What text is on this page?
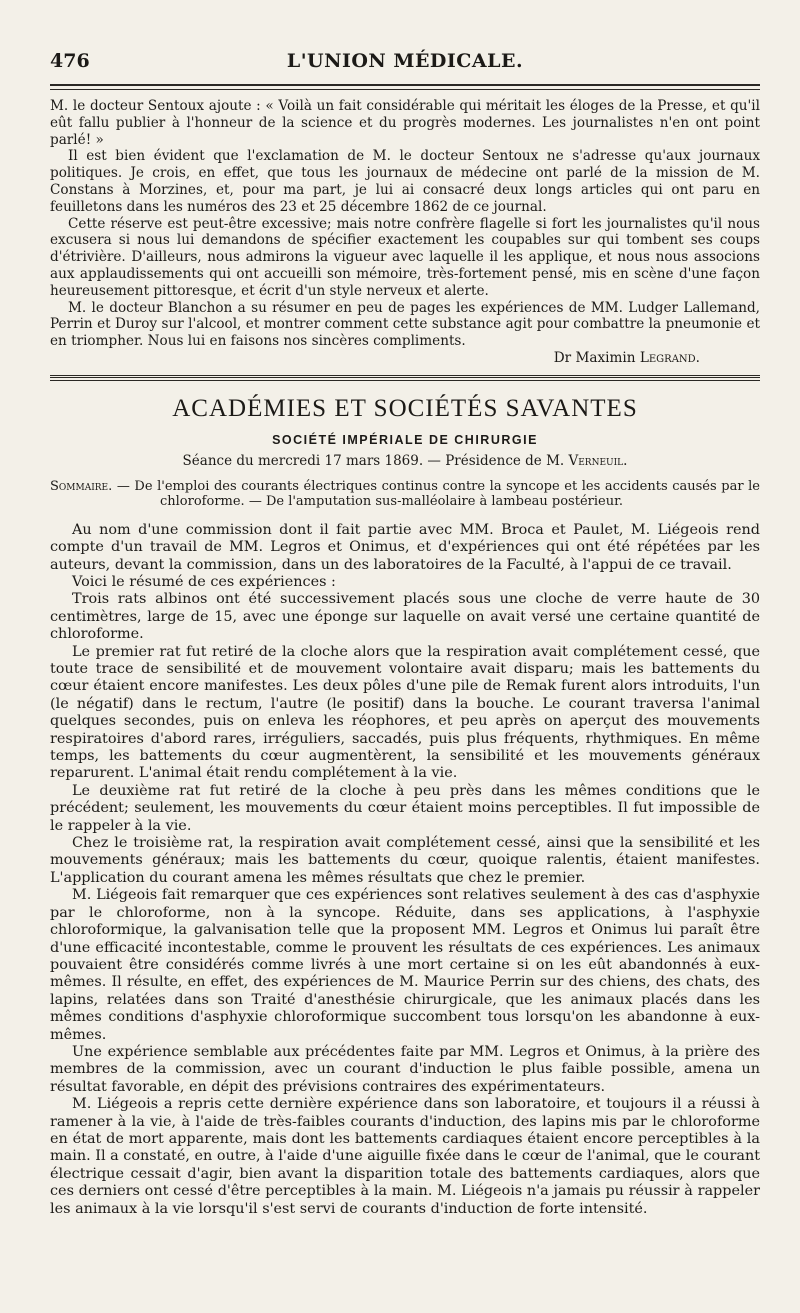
476	L'UNION MÉDICALE.

M. le docteur Sentoux ajoute : « Voilà un fait considérable qui méritait les éloges de la Presse, et qu'il eût fallu publier à l'honneur de la science et du progrès modernes. Les journalistes n'en ont point parlé! »

Il est bien évident que l'exclamation de M. le docteur Sentoux ne s'adresse qu'aux journaux politiques. Je crois, en effet, que tous les journaux de médecine ont parlé de la mission de M. Constans à Morzines, et, pour ma part, je lui ai consacré deux longs articles qui ont paru en feuilletons dans les numéros des 23 et 25 décembre 1862 de ce journal.

Cette réserve est peut-être excessive; mais notre confrère flagelle si fort les journalistes qu'il nous excusera si nous lui demandons de spécifier exactement les coupables sur qui tombent ses coups d'étrivière. D'ailleurs, nous admirons la vigueur avec laquelle il les applique, et nous nous associons aux applaudissements qui ont accueilli son mémoire, très-fortement pensé, mis en scène d'une façon heureusement pittoresque, et écrit d'un style nerveux et alerte.

M. le docteur Blanchon a su résumer en peu de pages les expériences de MM. Ludger Lallemand, Perrin et Duroy sur l'alcool, et montrer comment cette substance agit pour combattre la pneumonie et en triompher. Nous lui en faisons nos sincères compliments.

Dr Maximin Legrand.
ACADÉMIES ET SOCIÉTÉS SAVANTES
SOCIÉTÉ IMPÉRIALE DE CHIRURGIE
Séance du mercredi 17 mars 1869. — Présidence de M. Verneuil.

Sommaire. — De l'emploi des courants électriques continus contre la syncope et les accidents causés par le chloroforme. — De l'amputation sus-malléolaire à lambeau postérieur.

Au nom d'une commission dont il fait partie avec MM. Broca et Paulet, M. Liégeois rend compte d'un travail de MM. Legros et Onimus, et d'expériences qui ont été répétées par les auteurs, devant la commission, dans un des laboratoires de la Faculté, à l'appui de ce travail.

Voici le résumé de ces expériences :

Trois rats albinos ont été successivement placés sous une cloche de verre haute de 30 centimètres, large de 15, avec une éponge sur laquelle on avait versé une certaine quantité de chloroforme.

Le premier rat fut retiré de la cloche alors que la respiration avait complétement cessé, que toute trace de sensibilité et de mouvement volontaire avait disparu; mais les battements du cœur étaient encore manifestes. Les deux pôles d'une pile de Remak furent alors introduits, l'un (le négatif) dans le rectum, l'autre (le positif) dans la bouche. Le courant traversa l'animal quelques secondes, puis on enleva les réophores, et peu après on aperçut des mouvements respiratoires d'abord rares, irréguliers, saccadés, puis plus fréquents, rhythmiques. En même temps, les battements du cœur augmentèrent, la sensibilité et les mouvements généraux reparurent. L'animal était rendu complétement à la vie.

Le deuxième rat fut retiré de la cloche à peu près dans les mêmes conditions que le précédent; seulement, les mouvements du cœur étaient moins perceptibles. Il fut impossible de le rappeler à la vie.

Chez le troisième rat, la respiration avait complétement cessé, ainsi que la sensibilité et les mouvements généraux; mais les battements du cœur, quoique ralentis, étaient manifestes. L'application du courant amena les mêmes résultats que chez le premier.

M. Liégeois fait remarquer que ces expériences sont relatives seulement à des cas d'asphyxie par le chloroforme, non à la syncope. Réduite, dans ses applications, à l'asphyxie chloroformique, la galvanisation telle que la proposent MM. Legros et Onimus lui paraît être d'une efficacité incontestable, comme le prouvent les résultats de ces expériences. Les animaux pouvaient être considérés comme livrés à une mort certaine si on les eût abandonnés à eux-mêmes. Il résulte, en effet, des expériences de M. Maurice Perrin sur des chiens, des chats, des lapins, relatées dans son Traité d'anesthésie chirurgicale, que les animaux placés dans les mêmes conditions d'asphyxie chloroformique succombent tous lorsqu'on les abandonne à eux-mêmes.

Une expérience semblable aux précédentes faite par MM. Legros et Onimus, à la prière des membres de la commission, avec un courant d'induction le plus faible possible, amena un résultat favorable, en dépit des prévisions contraires des expérimentateurs.

M. Liégeois a repris cette dernière expérience dans son laboratoire, et toujours il a réussi à ramener à la vie, à l'aide de très-faibles courants d'induction, des lapins mis par le chloroforme en état de mort apparente, mais dont les battements cardiaques étaient encore perceptibles à la main. Il a constaté, en outre, à l'aide d'une aiguille fixée dans le cœur de l'animal, que le courant électrique cessait d'agir, bien avant la disparition totale des battements cardiaques, alors que ces derniers ont cessé d'être perceptibles à la main. M. Liégeois n'a jamais pu réussir à rappeler les animaux à la vie lorsqu'il s'est servi de courants d'induction de forte intensité.
